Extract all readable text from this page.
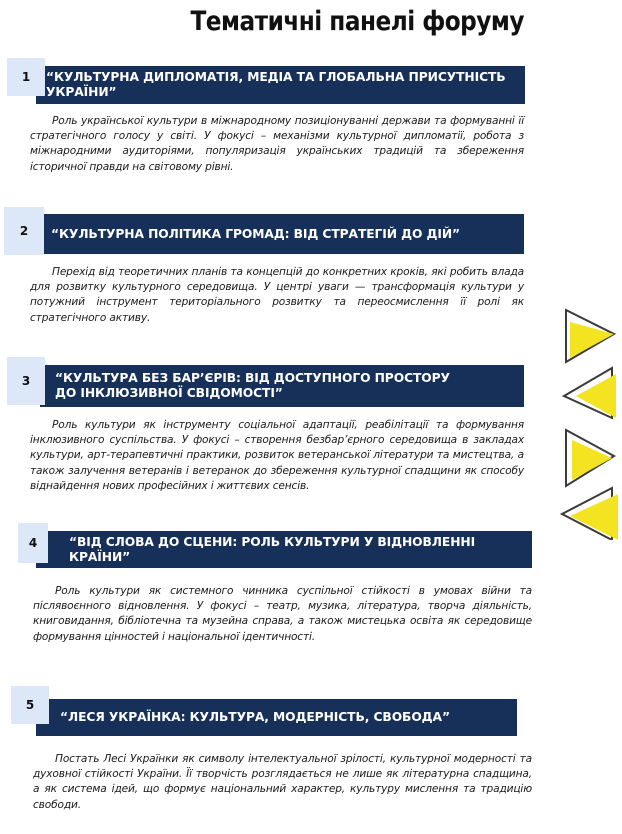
Тематичні панелі форуму
1	“КУЛЬТУРНА ДИПЛОМАТІЯ, МЕДІА ТА ГЛОБАЛЬНА ПРИСУТНІСТЬ УКРАЇНИ”

Роль української культури в міжнародному позиціонуванні держави та формуванні її стратегічного голосу у світі. У фокусі – механізми культурної дипломатії, робота з міжнародними аудиторіями, популяризація українських традицій та збереження історичної правди на світовому рівні.

2	“КУЛЬТУРНА ПОЛІТИКА ГРОМАД: ВІД СТРАТЕГІЙ ДО ДІЙ”

Перехід від теоретичних планів та концепцій до конкретних кроків, які робить влада для розвитку культурного середовища. У центрі уваги — трансформація культури у потужний інструмент територіального розвитку та переосмислення її ролі як стратегічного активу.

3	“КУЛЬТУРА БЕЗ БАР’ЄРІВ: ВІД ДОСТУПНОГО ПРОСТОРУ ДО ІНКЛЮЗИВНОЇ СВІДОМОСТІ”

Роль культури як інструменту соціальної адаптації, реабілітації та формування інклюзивного суспільства. У фокусі – створення безбар’єрного середовища в закладах культури, арт-терапевтичні практики, розвиток ветеранської літератури та мистецтва, а також залучення ветеранів і ветеранок до збереження культурної спадщини як способу віднайдення нових професійних і життєвих сенсів.

4	“ВІД СЛОВА ДО СЦЕНИ: РОЛЬ КУЛЬТУРИ У ВІДНОВЛЕННІ КРАЇНИ”

Роль культури як системного чинника суспільної стійкості в умовах війни та післявоєнного відновлення. У фокусі – театр, музика, література, творча діяльність, книговидання, бібліотечна та музейна справа, а також мистецька освіта як середовище формування цінностей і національної ідентичності.

5
“ЛЕСЯ УКРАЇНКА: КУЛЬТУРА, МОДЕРНІСТЬ, СВОБОДА”

Постать Лесі Українки як символу інтелектуальної зрілості, культурної модерності та духовної стійкості України. Її творчість розглядається не лише як літературна спадщина, а як система ідей, що формує національний характер, культуру мислення та традицію свободи.
